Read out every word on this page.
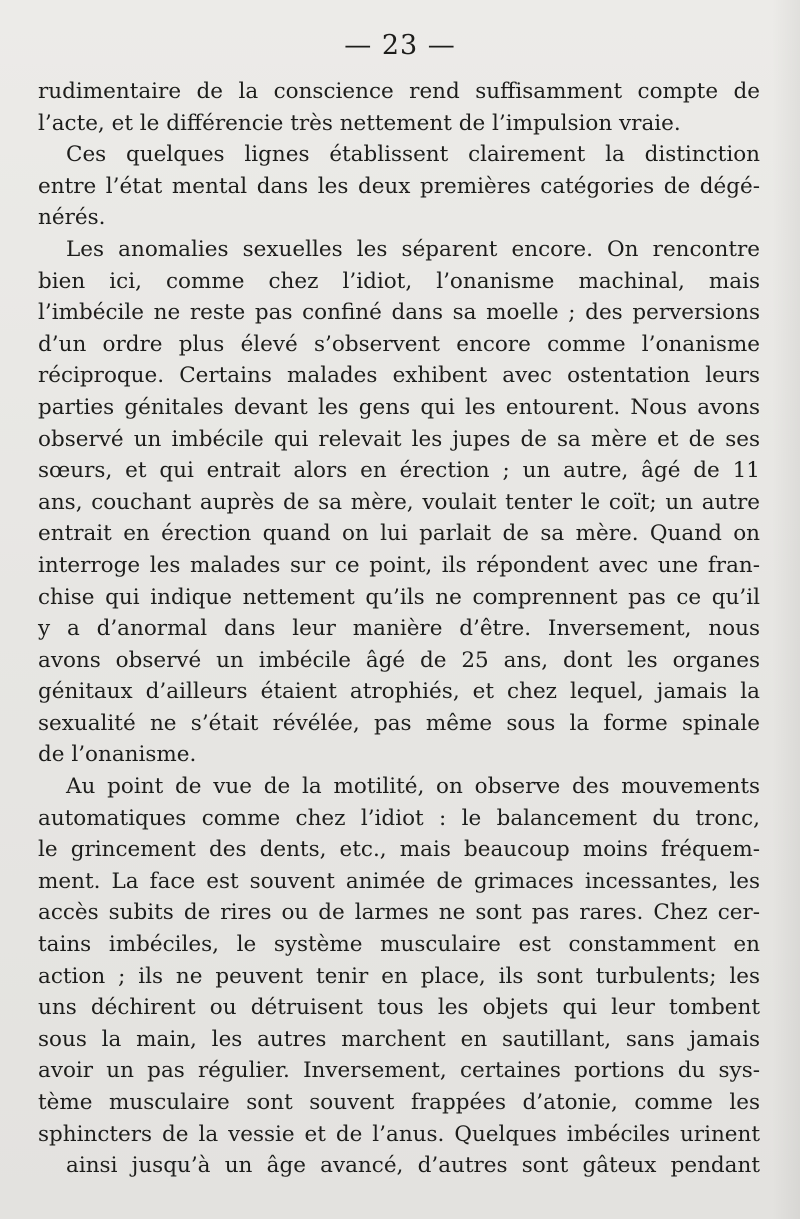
— 23 —
rudimentaire de la conscience rend suffisamment compte de
l’acte, et le différencie très nettement de l’impulsion vraie.
Ces quelques lignes établissent clairement la distinction
entre l’état mental dans les deux premières catégories de dégé-
nérés.
Les anomalies sexuelles les séparent encore. On rencontre
bien ici, comme chez l’idiot, l’onanisme machinal, mais
l’imbécile ne reste pas confiné dans sa moelle ; des perversions
d’un ordre plus élevé s’observent encore comme l’onanisme
réciproque. Certains malades exhibent avec ostentation leurs
parties génitales devant les gens qui les entourent. Nous avons
observé un imbécile qui relevait les jupes de sa mère et de ses
sœurs, et qui entrait alors en érection ; un autre, âgé de 11
ans, couchant auprès de sa mère, voulait tenter le coït; un autre
entrait en érection quand on lui parlait de sa mère. Quand on
interroge les malades sur ce point, ils répondent avec une fran-
chise qui indique nettement qu’ils ne comprennent pas ce qu’il
y a d’anormal dans leur manière d’être. Inversement, nous
avons observé un imbécile âgé de 25 ans, dont les organes
génitaux d’ailleurs étaient atrophiés, et chez lequel, jamais la
sexualité ne s’était révélée, pas même sous la forme spinale
de l’onanisme.
Au point de vue de la motilité, on observe des mouvements
automatiques comme chez l’idiot : le balancement du tronc,
le grincement des dents, etc., mais beaucoup moins fréquem-
ment. La face est souvent animée de grimaces incessantes, les
accès subits de rires ou de larmes ne sont pas rares. Chez cer-
tains imbéciles, le système musculaire est constamment en
action ; ils ne peuvent tenir en place, ils sont turbulents; les
uns déchirent ou détruisent tous les objets qui leur tombent
sous la main, les autres marchent en sautillant, sans jamais
avoir un pas régulier. Inversement, certaines portions du sys-
tème musculaire sont souvent frappées d’atonie, comme les
sphincters de la vessie et de l’anus. Quelques imbéciles urinent
ainsi jusqu’à un âge avancé, d’autres sont gâteux pendant
